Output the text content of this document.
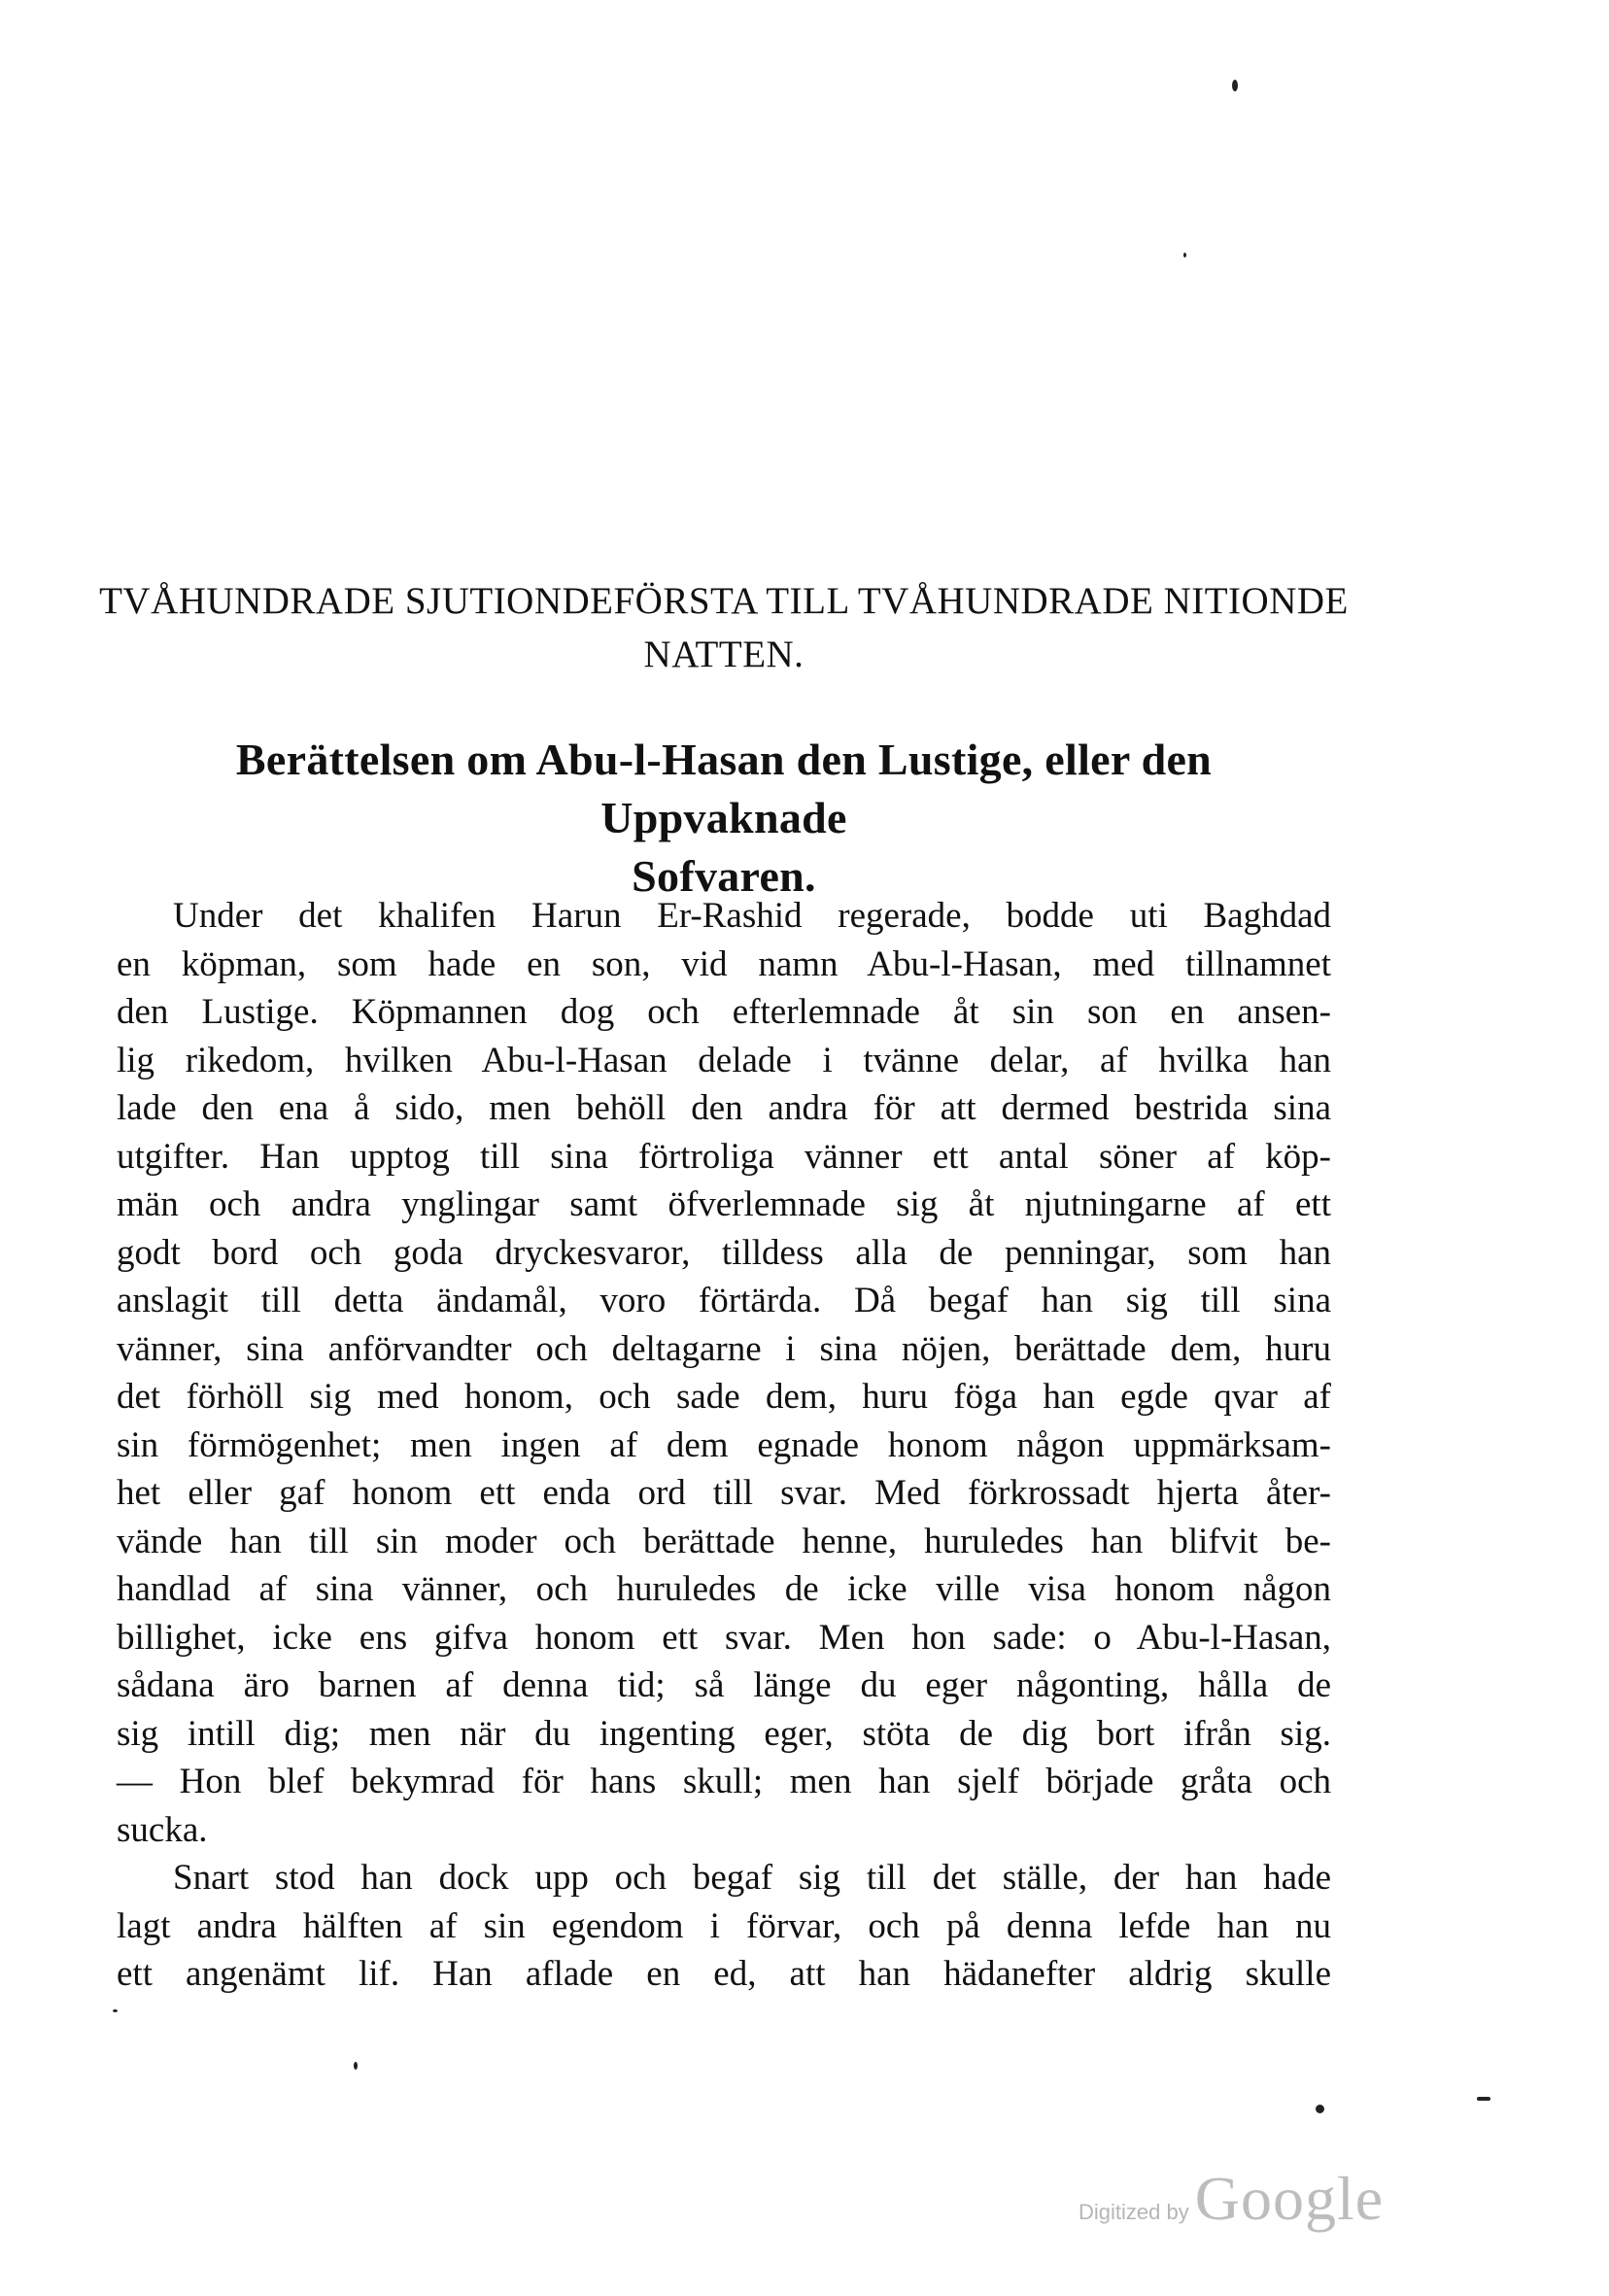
TVÅHUNDRADE SJUTIONDEFÖRSTA TILL TVÅHUNDRADE NITIONDE
NATTEN.
Berättelsen om Abu-l-Hasan den Lustige, eller den Uppvaknade
Sofvaren.
Under det khalifen Harun Er-Rashid regerade, bodde uti Baghdad
en köpman, som hade en son, vid namn Abu-l-Hasan, med tillnamnet
den Lustige. Köpmannen dog och efterlemnade åt sin son en ansen-
lig rikedom, hvilken Abu-l-Hasan delade i tvänne delar, af hvilka han
lade den ena å sido, men behöll den andra för att dermed bestrida sina
utgifter. Han upptog till sina förtroliga vänner ett antal söner af köp-
män och andra ynglingar samt öfverlemnade sig åt njutningarne af ett
godt bord och goda dryckesvaror, tilldess alla de penningar, som han
anslagit till detta ändamål, voro förtärda. Då begaf han sig till sina
vänner, sina anförvandter och deltagarne i sina nöjen, berättade dem, huru
det förhöll sig med honom, och sade dem, huru föga han egde qvar af
sin förmögenhet; men ingen af dem egnade honom någon uppmärksam-
het eller gaf honom ett enda ord till svar. Med förkrossadt hjerta åter-
vände han till sin moder och berättade henne, huruledes han blifvit be-
handlad af sina vänner, och huruledes de icke ville visa honom någon
billighet, icke ens gifva honom ett svar. Men hon sade: o Abu-l-Hasan,
sådana äro barnen af denna tid; så länge du eger någonting, hålla de
sig intill dig; men när du ingenting eger, stöta de dig bort ifrån sig.
— Hon blef bekymrad för hans skull; men han sjelf började gråta och
sucka.
Snart stod han dock upp och begaf sig till det ställe, der han hade
lagt andra hälften af sin egendom i förvar, och på denna lefde han nu
ett angenämt lif. Han aflade en ed, att han hädanefter aldrig skulle
Digitized by Google
